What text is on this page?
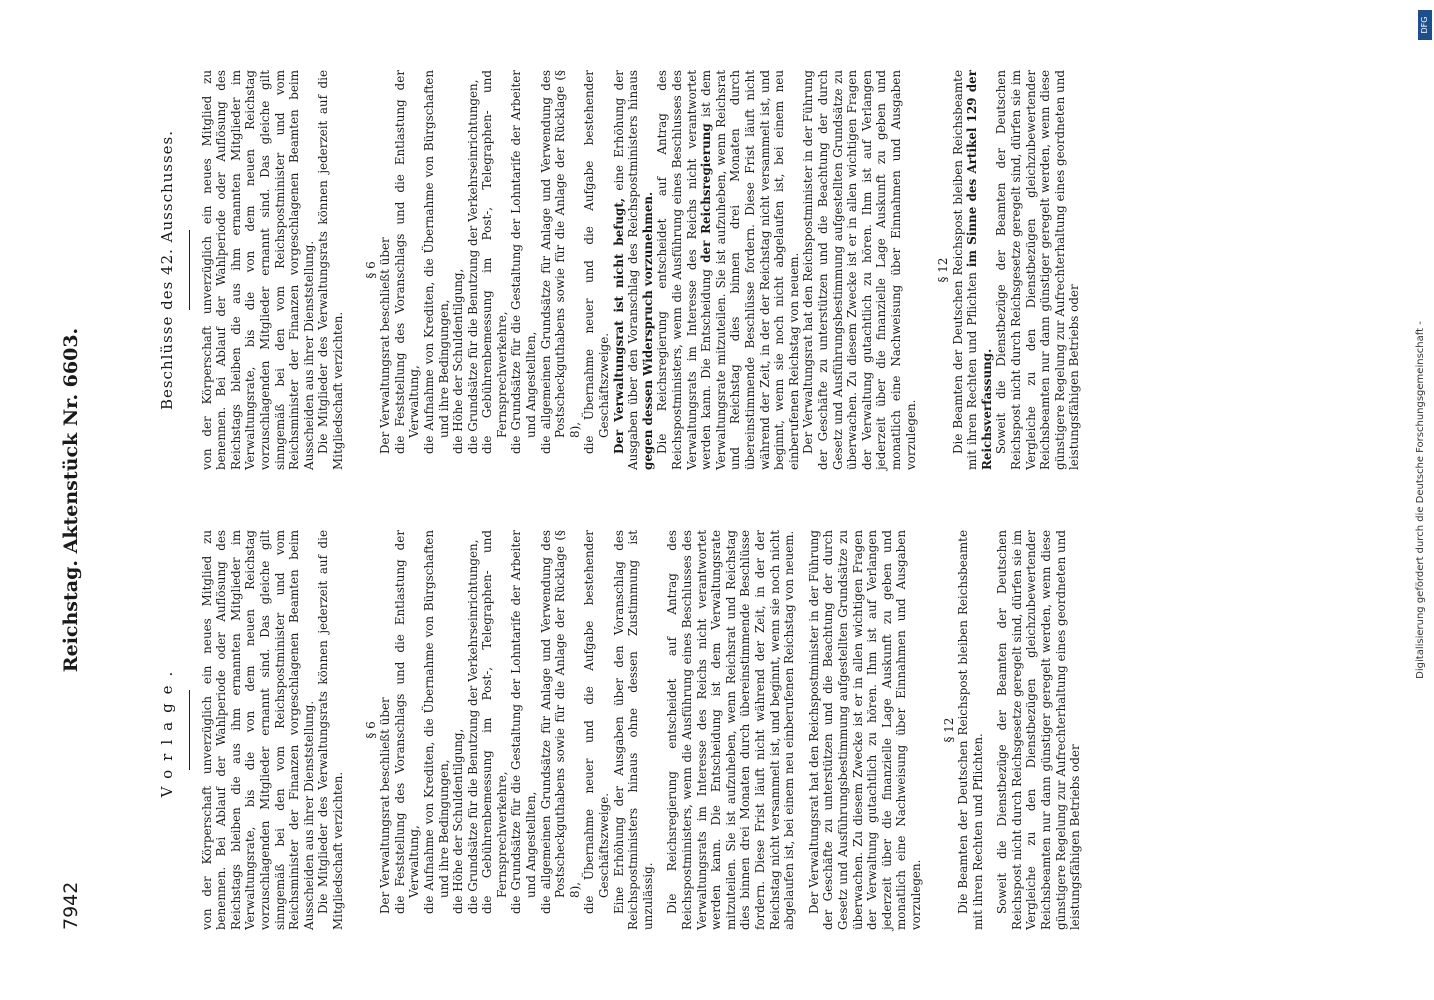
7942
Reichstag. Aktenstück Nr. 6603.
Vorlage. von der Körperschaft unverzüglich ein neues Mitglied zu benennen. Bei Ablauf der Wahlperiode oder Auflösung des Reichstags bleiben die aus ihm ernannten Mitglieder im Verwaltungsrate, bis die von dem neuen Reichstag vorzuschlagenden Mitglieder ernannt sind. Das gleiche gilt sinngemäß bei den vom Reichspostminister und vom Reichsminister der Finanzen vorgeschlagenen Beamten beim Ausscheiden aus ihrer Dienststellung. Die Mitglieder des Verwaltungsrats können jederzeit auf die Mitgliedschaft verzichten.

§ 6 Der Verwaltungsrat beschließt über die Feststellung des Voranschlags und die Entlastung der Verwaltung, die Aufnahme von Krediten, die Übernahme von Bürgschaften und ihre Bedingungen, die Höhe der Schuldentilgung, die Grundsätze für die Benutzung der Verkehrseinrichtungen, die Gebührenbemessung im Post-, Telegraphen- und Fernsprechverkehre, die Grundsätze für die Gestaltung der Lohntarife der Arbeiter und Angestellten, die allgemeinen Grundsätze für Anlage und Verwendung des Postscheckguthabens sowie für die Anlage der Rücklage (§ 8), die Übernahme neuer und die Aufgabe bestehender Geschäftszweige. Eine Erhöhung der Ausgaben über den Voranschlag des Reichspostministers hinaus ohne dessen Zustimmung ist unzulässig. Die Reichsregierung entscheidet auf Antrag des Reichspostministers, wenn die Ausführung eines Beschlusses des Verwaltungsrats im Interesse des Reichs nicht verantwortet werden kann. Die Entscheidung ist dem Verwaltungsrate mitzuteilen. Sie ist aufzuheben, wenn Reichsrat und Reichstag dies binnen drei Monaten durch übereinstimmende Beschlüsse fordern. Diese Frist läuft nicht während der Zeit, in der der Reichstag nicht versammelt ist, und beginnt, wenn sie noch nicht abgelaufen ist, bei einem neu einberufenen Reichstag von neuem. Der Verwaltungsrat hat den Reichspostminister in der Führung der Geschäfte zu unterstützen und die Beachtung der durch Gesetz und Ausführungsbestimmung aufgestellten Grundsätze zu überwachen. Zu diesem Zwecke ist er in allen wichtigen Fragen der Verwaltung gutachtlich zu hören. Ihm ist auf Verlangen jederzeit über die finanzielle Lage Auskunft zu geben und monatlich eine Nachweisung über Einnahmen und Ausgaben vorzulegen.

§ 12 Die Beamten der Deutschen Reichspost bleiben Reichsbeamte mit ihren Rechten und Pflichten. Soweit die Dienstbezüge der Beamten der Deutschen Reichspost nicht durch Reichsgesetze geregelt sind, dürfen sie im Vergleiche zu den Dienstbezügen gleichzubewertender Reichsbeamten nur dann günstiger geregelt werden, wenn diese günstigere Regelung zur Aufrechterhaltung eines geordneten und leistungsfähigen Betriebs oder

Beschlüsse des 42. Ausschusses. von der Körperschaft unverzüglich ein neues Mitglied zu benennen. Bei Ablauf der Wahlperiode oder Auflösung des Reichstags bleiben die aus ihm ernannten Mitglieder im Verwaltungsrate, bis die von dem neuen Reichstag vorzuschlagenden Mitglieder ernannt sind. Das gleiche gilt sinngemäß bei den vom Reichspostminister und vom Reichsminister der Finanzen vorgeschlagenen Beamten beim Ausscheiden aus ihrer Dienststellung. Die Mitglieder des Verwaltungsrats können jederzeit auf die Mitgliedschaft verzichten.

§ 6 Der Verwaltungsrat beschließt über die Feststellung des Voranschlags und die Entlastung der Verwaltung, die Aufnahme von Krediten, die Übernahme von Bürgschaften und ihre Bedingungen, die Höhe der Schuldentilgung, die Grundsätze für die Benutzung der Verkehrseinrichtungen, die Gebührenbemessung im Post-, Telegraphen- und Fernsprechverkehre, die Grundsätze für die Gestaltung der Lohntarife der Arbeiter und Angestellten, die allgemeinen Grundsätze für Anlage und Verwendung des Postscheckguthabens sowie für die Anlage der Rücklage (§ 8), die Übernahme neuer und die Aufgabe bestehender Geschäftszweige. Der Verwaltungsrat ist nicht befugt, eine Erhöhung der Ausgaben über den Voranschlag des Reichspostministers hinaus gegen dessen Widerspruch vorzunehmen. Die Reichsregierung entscheidet auf Antrag des Reichspostministers, wenn die Ausführung eines Beschlusses des Verwaltungsrats im Interesse des Reichs nicht verantwortet werden kann. Die Entscheidung der Reichsregierung ist dem Verwaltungsrate mitzuteilen. Sie ist aufzuheben, wenn Reichsrat und Reichstag dies binnen drei Monaten durch übereinstimmende Beschlüsse fordern. Diese Frist läuft nicht während der Zeit, in der der Reichstag nicht versammelt ist, und beginnt, wenn sie noch nicht abgelaufen ist, bei einem neu einberufenen Reichstag von neuem. Der Verwaltungsrat hat den Reichspostminister in der Führung der Geschäfte zu unterstützen und die Beachtung der durch Gesetz und Ausführungsbestimmung aufgestellten Grundsätze zu überwachen. Zu diesem Zwecke ist er in allen wichtigen Fragen der Verwaltung gutachtlich zu hören. Ihm ist auf Verlangen jederzeit über die finanzielle Lage Auskunft zu geben und monatlich eine Nachweisung über Einnahmen und Ausgaben vorzulegen.

§ 12 Die Beamten der Deutschen Reichspost bleiben Reichsbeamte mit ihren Rechten und Pflichten im Sinne des Artikel 129 der Reichsverfassung. Soweit die Dienstbezüge der Beamten der Deutschen Reichspost nicht durch Reichsgesetze geregelt sind, dürfen sie im Vergleiche zu den Dienstbezügen gleichzubewertender Reichsbeamten nur dann günstiger geregelt werden, wenn diese günstigere Regelung zur Aufrechterhaltung eines geordneten und leistungsfähigen Betriebs oder	Digitalisierung gefördert durch die Deutsche Forschungsgemeinschaft -
DFG
